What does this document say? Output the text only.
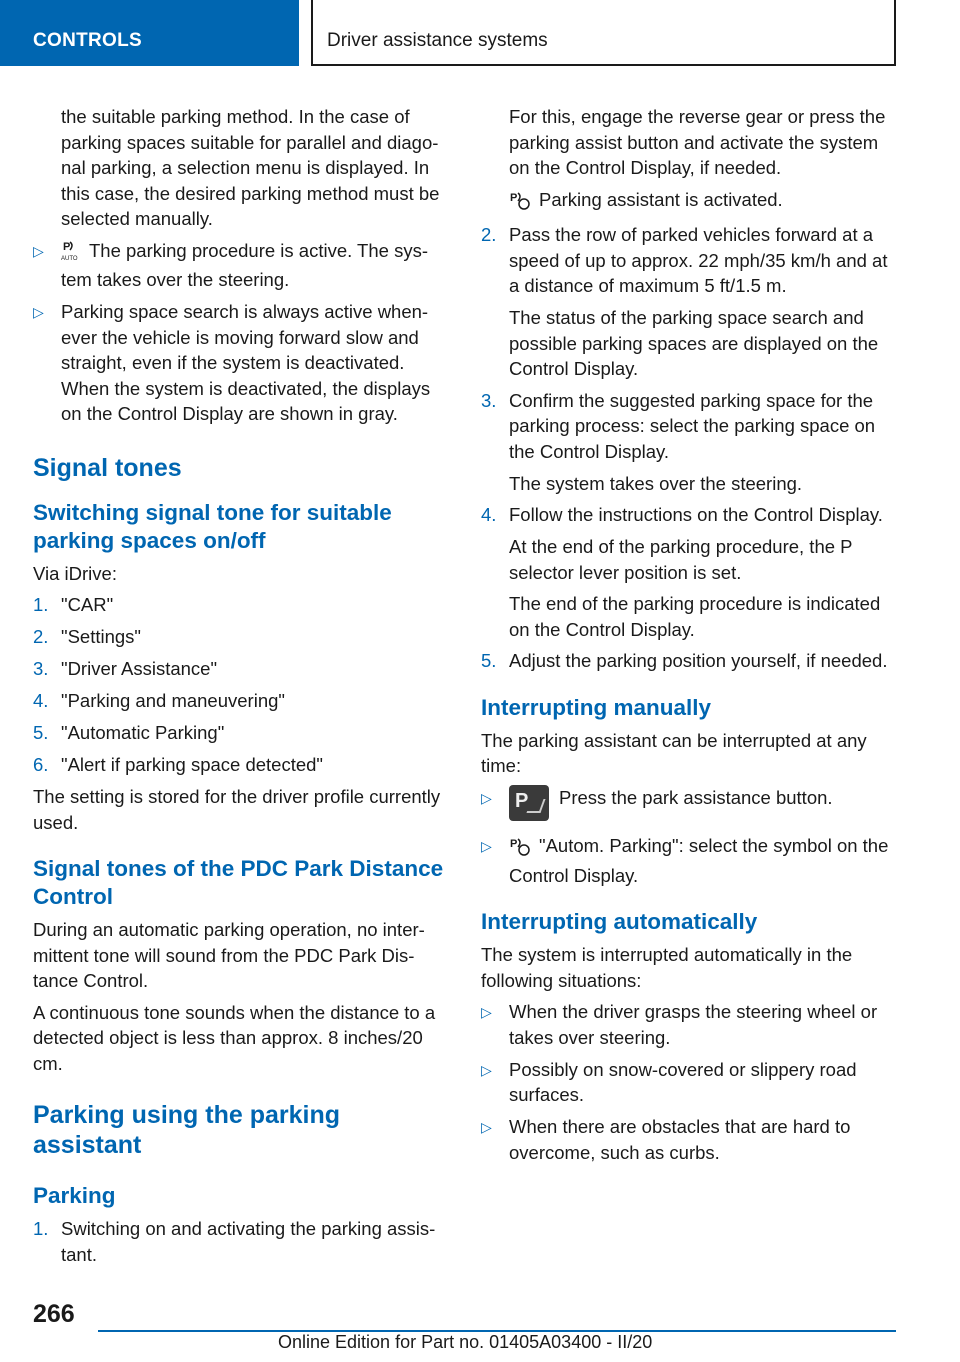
CONTROLS	Driver assistance systems

the suitable parking method. In the case of parking spaces suitable for parallel and diagonal parking, a selection menu is displayed. In this case, the desired parking method must be selected manually.

▷ P
AUTO The parking procedure is active. The system takes over the steering.
▷ Parking space search is always active whenever the vehicle is moving forward slow and straight, even if the system is deactivated. When the system is deactivated, the displays on the Control Display are shown in gray.
Signal tones
Switching signal tone for suitable parking spaces on/off

Via iDrive:

1. "CAR"
2. "Settings"
3. "Driver Assistance"
4. "Parking and maneuvering"
5. "Automatic Parking"
6. "Alert if parking space detected"

The setting is stored for the driver profile currently used.

Signal tones of the PDC Park Distance Control

During an automatic parking operation, no intermittent tone will sound from the PDC Park Distance Control.

A continuous tone sounds when the distance to a detected object is less than approx. 8 inches/20 cm.

Parking using the parking assistant
Parking
1. Switching on and activating the parking assistant.

For this, engage the reverse gear or press the parking assist button and activate the system on the Control Display, if needed.

P Parking assistant is activated.

2. Pass the row of parked vehicles forward at a speed of up to approx. 22 mph/35 km/h and at a distance of maximum 5 ft/1.5 m.

The status of the parking space search and possible parking spaces are displayed on the Control Display.

3. Confirm the suggested parking space for the parking process: select the parking space on the Control Display.

The system takes over the steering.

4. Follow the instructions on the Control Display.

At the end of the parking procedure, the P selector lever position is set.

The end of the parking procedure is indicated on the Control Display.

5. Adjust the parking position yourself, if needed.
Interrupting manually

The parking assistant can be interrupted at any time:

▷ P Press the park assistance button.
▷ P "Autom. Parking": select the symbol on the Control Display.
Interrupting automatically

The system is interrupted automatically in the following situations:

▷ When the driver grasps the steering wheel or takes over steering.
▷ Possibly on snow-covered or slippery road surfaces.
▷ When there are obstacles that are hard to overcome, such as curbs.
266
Online Edition for Part no. 01405A03400 - II/20
